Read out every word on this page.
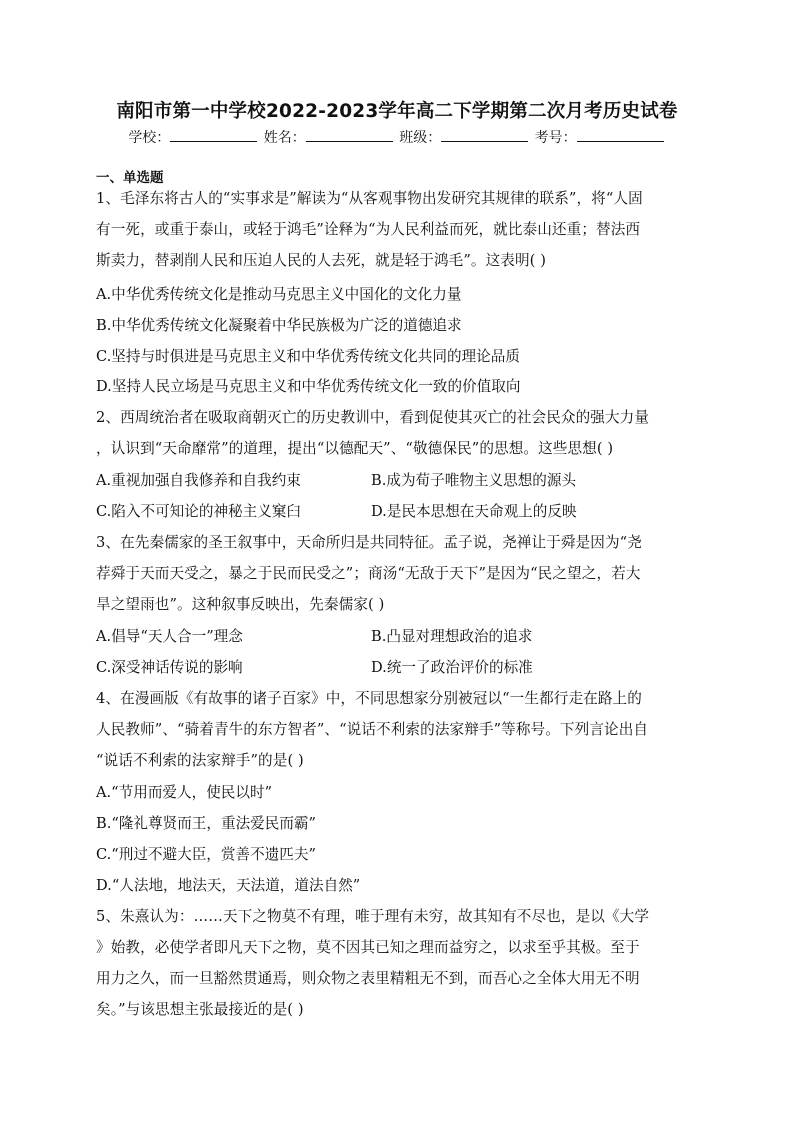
南阳市第一中学校2022-2023学年高二下学期第二次月考历史试卷
学校：	姓名：	班级：	考号：
一、单选题
1、毛泽东将古人的“实事求是”解读为“从客观事物出发研究其规律的联系”，将“人固
有一死，或重于泰山，或轻于鸿毛”诠释为“为人民利益而死，就比泰山还重；替法西
斯卖力，替剥削人民和压迫人民的人去死，就是轻于鸿毛”。这表明( )
A.中华优秀传统文化是推动马克思主义中国化的文化力量
B.中华优秀传统文化凝聚着中华民族极为广泛的道德追求
C.坚持与时俱进是马克思主义和中华优秀传统文化共同的理论品质
D.坚持人民立场是马克思主义和中华优秀传统文化一致的价值取向
2、西周统治者在吸取商朝灭亡的历史教训中，看到促使其灭亡的社会民众的强大力量
，认识到“天命靡常”的道理，提出“以德配天”、“敬德保民”的思想。这些思想( )
A.重视加强自我修养和自我约束	B.成为荀子唯物主义思想的源头
C.陷入不可知论的神秘主义窠臼	D.是民本思想在天命观上的反映
3、在先秦儒家的圣王叙事中，天命所归是共同特征。孟子说，尧禅让于舜是因为“尧
荐舜于天而天受之，暴之于民而民受之”；商汤“无敌于天下”是因为“民之望之，若大
旱之望雨也”。这种叙事反映出，先秦儒家( )
A.倡导“天人合一”理念	B.凸显对理想政治的追求
C.深受神话传说的影响	D.统一了政治评价的标准
4、在漫画版《有故事的诸子百家》中，不同思想家分别被冠以“一生都行走在路上的
人民教师”、“骑着青牛的东方智者”、“说话不利索的法家辩手”等称号。下列言论出自
“说话不利索的法家辩手”的是( )
A.“节用而爱人，使民以时”
B.“隆礼尊贤而王，重法爱民而霸”
C.“刑过不避大臣，赏善不遗匹夫”
D.“人法地，地法天，天法道，道法自然”
5、朱熹认为：……天下之物莫不有理，唯于理有未穷，故其知有不尽也，是以《大学
》始教，必使学者即凡天下之物，莫不因其已知之理而益穷之，以求至乎其极。至于
用力之久，而一旦豁然贯通焉，则众物之表里精粗无不到，而吾心之全体大用无不明
矣。”与该思想主张最接近的是( )
